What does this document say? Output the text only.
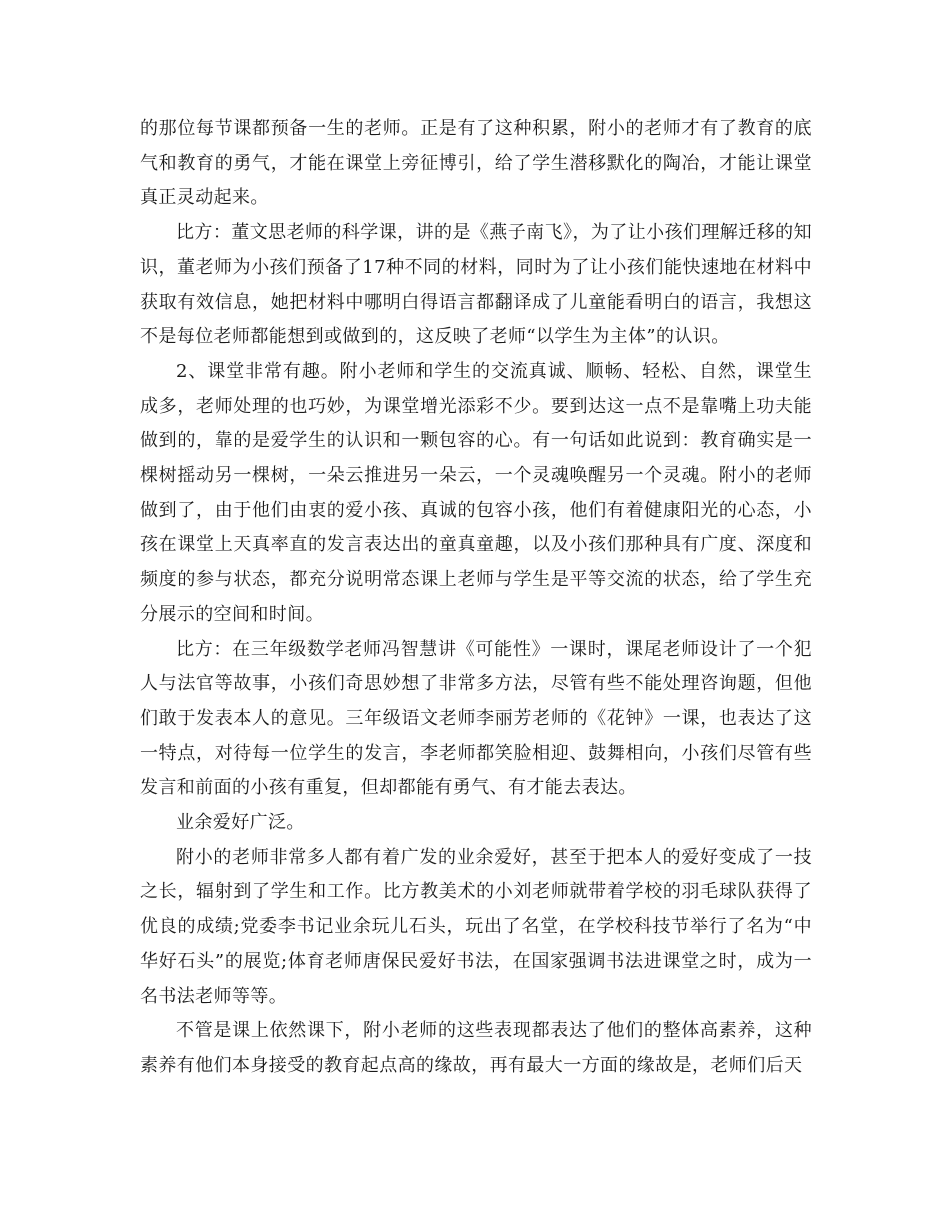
的那位每节课都预备一生的老师。正是有了这种积累，附小的老师才有了教育的底气和教育的勇气，才能在课堂上旁征博引，给了学生潜移默化的陶冶，才能让课堂真正灵动起来。

比方：董文思老师的科学课，讲的是《燕子南飞》，为了让小孩们理解迁移的知识，董老师为小孩们预备了17种不同的材料，同时为了让小孩们能快速地在材料中获取有效信息，她把材料中哪明白得语言都翻译成了儿童能看明白的语言，我想这不是每位老师都能想到或做到的，这反映了老师“以学生为主体”的认识。

2、课堂非常有趣。附小老师和学生的交流真诚、顺畅、轻松、自然，课堂生成多，老师处理的也巧妙，为课堂增光添彩不少。要到达这一点不是靠嘴上功夫能做到的，靠的是爱学生的认识和一颗包容的心。有一句话如此说到：教育确实是一棵树摇动另一棵树，一朵云推进另一朵云，一个灵魂唤醒另一个灵魂。附小的老师做到了，由于他们由衷的爱小孩、真诚的包容小孩，他们有着健康阳光的心态，小孩在课堂上天真率直的发言表达出的童真童趣，以及小孩们那种具有广度、深度和频度的参与状态，都充分说明常态课上老师与学生是平等交流的状态，给了学生充分展示的空间和时间。

比方：在三年级数学老师冯智慧讲《可能性》一课时，课尾老师设计了一个犯人与法官等故事，小孩们奇思妙想了非常多方法，尽管有些不能处理咨询题，但他们敢于发表本人的意见。三年级语文老师李丽芳老师的《花钟》一课，也表达了这一特点，对待每一位学生的发言，李老师都笑脸相迎、鼓舞相向，小孩们尽管有些发言和前面的小孩有重复，但却都能有勇气、有才能去表达。

业余爱好广泛。

附小的老师非常多人都有着广发的业余爱好，甚至于把本人的爱好变成了一技之长，辐射到了学生和工作。比方教美术的小刘老师就带着学校的羽毛球队获得了优良的成绩;党委李书记业余玩儿石头，玩出了名堂，在学校科技节举行了名为“中华好石头”的展览;体育老师唐保民爱好书法，在国家强调书法进课堂之时，成为一名书法老师等等。

不管是课上依然课下，附小老师的这些表现都表达了他们的整体高素养，这种素养有他们本身接受的教育起点高的缘故，再有最大一方面的缘故是，老师们后天
